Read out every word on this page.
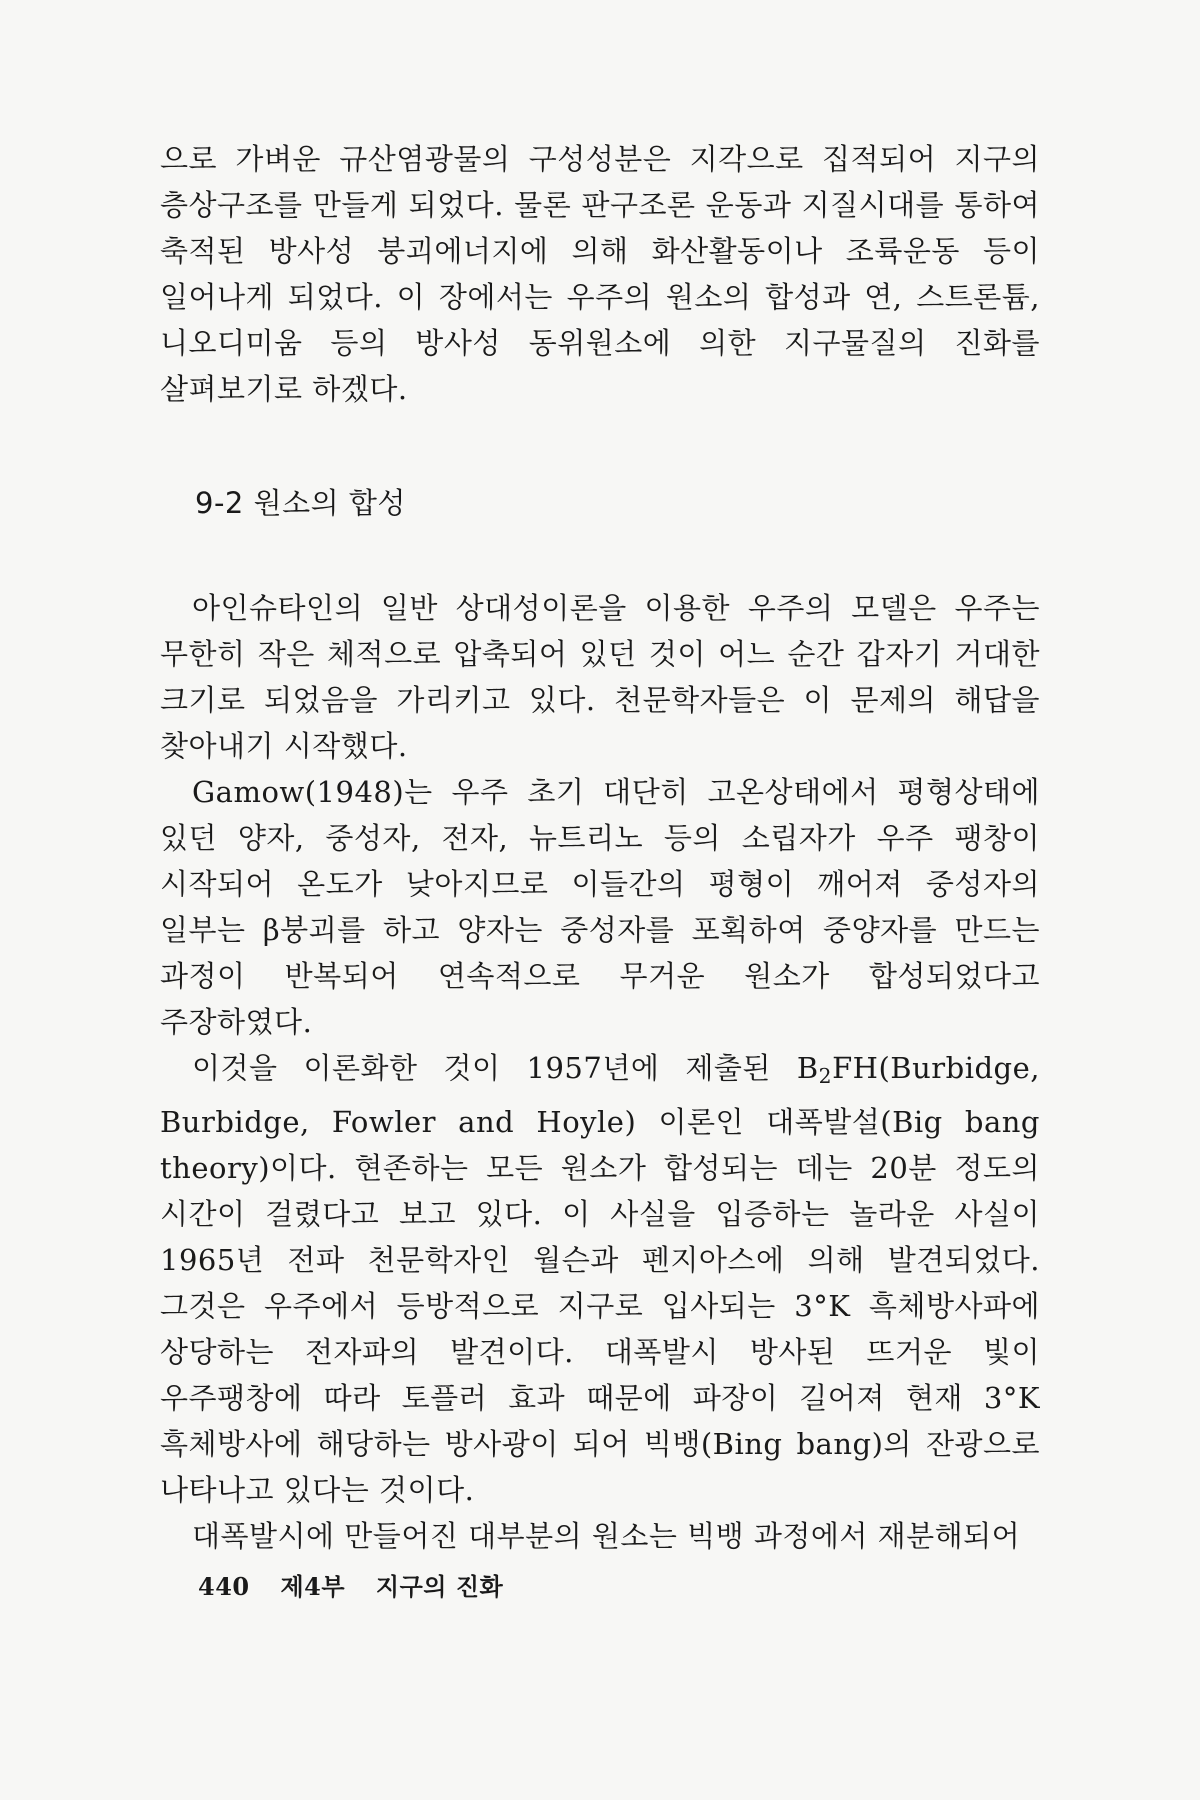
으로 가벼운 규산염광물의 구성성분은 지각으로 집적되어 지구의 층상구조를 만들게 되었다. 물론 판구조론 운동과 지질시대를 통하여 축적된 방사성 붕괴에너지에 의해 화산활동이나 조륙운동 등이 일어나게 되었다. 이 장에서는 우주의 원소의 합성과 연, 스트론튬, 니오디미움 등의 방사성 동위원소에 의한 지구물질의 진화를 살펴보기로 하겠다.

9-2 원소의 합성

아인슈타인의 일반 상대성이론을 이용한 우주의 모델은 우주는 무한히 작은 체적으로 압축되어 있던 것이 어느 순간 갑자기 거대한 크기로 되었음을 가리키고 있다. 천문학자들은 이 문제의 해답을 찾아내기 시작했다.

Gamow(1948)는 우주 초기 대단히 고온상태에서 평형상태에 있던 양자, 중성자, 전자, 뉴트리노 등의 소립자가 우주 팽창이 시작되어 온도가 낮아지므로 이들간의 평형이 깨어져 중성자의 일부는 β붕괴를 하고 양자는 중성자를 포획하여 중양자를 만드는 과정이 반복되어 연속적으로 무거운 원소가 합성되었다고 주장하였다.

이것을 이론화한 것이 1957년에 제출된 $B_2FH(Burbidge$, Burbidge, Fowler and Hoyle) 이론인 대폭발설(Big bang theory)이다. 현존하는 모든 원소가 합성되는 데는 20분 정도의 시간이 걸렸다고 보고 있다. 이 사실을 입증하는 놀라운 사실이 1965년 전파 천문학자인 월슨과 펜지아스에 의해 발견되었다. 그것은 우주에서 등방적으로 지구로 입사되는 3°K 흑체방사파에 상당하는 전자파의 발견이다. 대폭발시 방사된 뜨거운 빛이 우주팽창에 따라 토플러 효과 때문에 파장이 길어져 현재 3°K 흑체방사에 해당하는 방사광이 되어 빅뱅(Bing bang)의 잔광으로 나타나고 있다는 것이다.

대폭발시에 만들어진 대부분의 원소는 빅뱅 과정에서 재분해되어

440 제4부 지구의 진화
